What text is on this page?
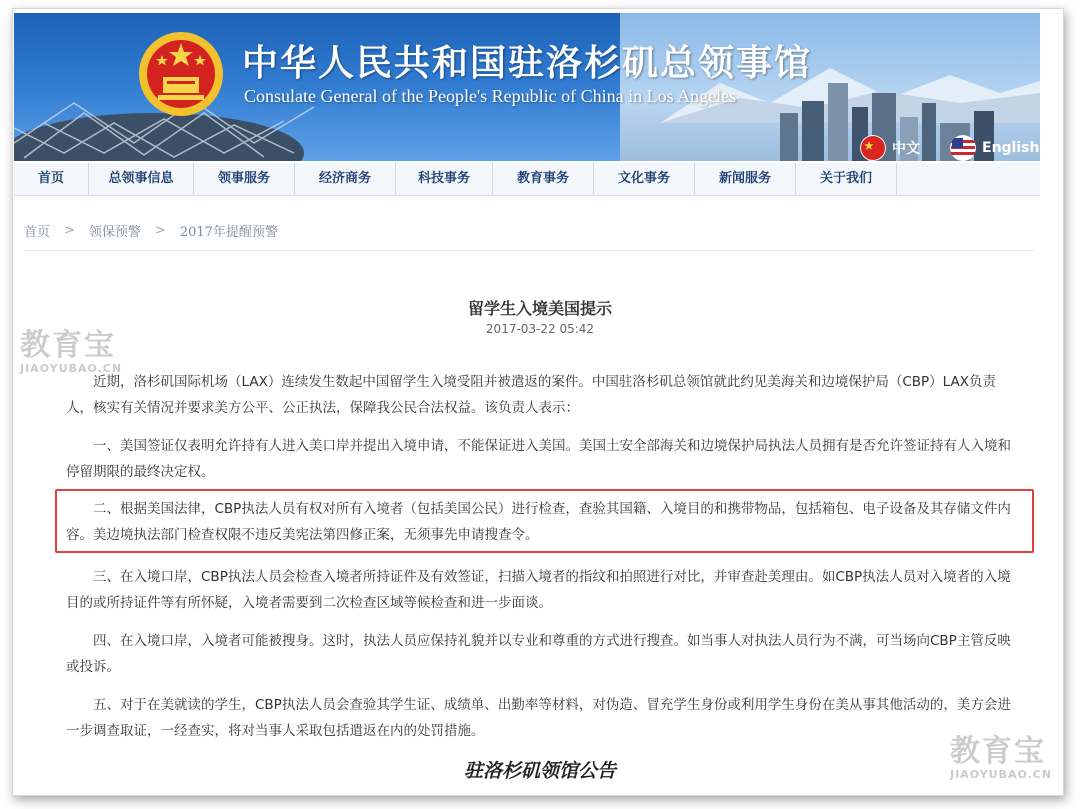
中华人民共和国驻洛杉矶总领事馆
Consulate General of the People's Republic of China in Los Angeles
中文	English
首页	总领事信息	领事服务	经济商务	科技事务	教育事务	文化事务	新闻服务	关于我们
首页 > 领保预警 > 2017年提醒预警
留学生入境美国提示
2017-03-22 05:42

近期，洛杉矶国际机场（LAX）连续发生数起中国留学生入境受阻并被遣返的案件。中国驻洛杉矶总领馆就此约见美海关和边境保护局（CBP）LAX负责人，核实有关情况并要求美方公平、公正执法，保障我公民合法权益。该负责人表示：

一、美国签证仅表明允许持有人进入美口岸并提出入境申请，不能保证进入美国。美国土安全部海关和边境保护局执法人员拥有是否允许签证持有人入境和停留期限的最终决定权。

二、根据美国法律，CBP执法人员有权对所有入境者（包括美国公民）进行检查，查验其国籍、入境目的和携带物品，包括箱包、电子设备及其存储文件内容。美边境执法部门检查权限不违反美宪法第四修正案，无须事先申请搜查令。

三、在入境口岸，CBP执法人员会检查入境者所持证件及有效签证，扫描入境者的指纹和拍照进行对比，并审查赴美理由。如CBP执法人员对入境者的入境目的或所持证件等有所怀疑，入境者需要到二次检查区域等候检查和进一步面谈。

四、在入境口岸，入境者可能被搜身。这时，执法人员应保持礼貌并以专业和尊重的方式进行搜查。如当事人对执法人员行为不满，可当场向CBP主管反映或投诉。

五、对于在美就读的学生，CBP执法人员会查验其学生证、成绩单、出勤率等材料，对伪造、冒充学生身份或利用学生身份在美从事其他活动的，美方会进一步调查取证，一经查实，将对当事人采取包括遣返在内的处罚措施。

驻洛杉矶领馆公告
教育宝
JIAOYUBAO.CN
教育宝
JIAOYUBAO.CN
